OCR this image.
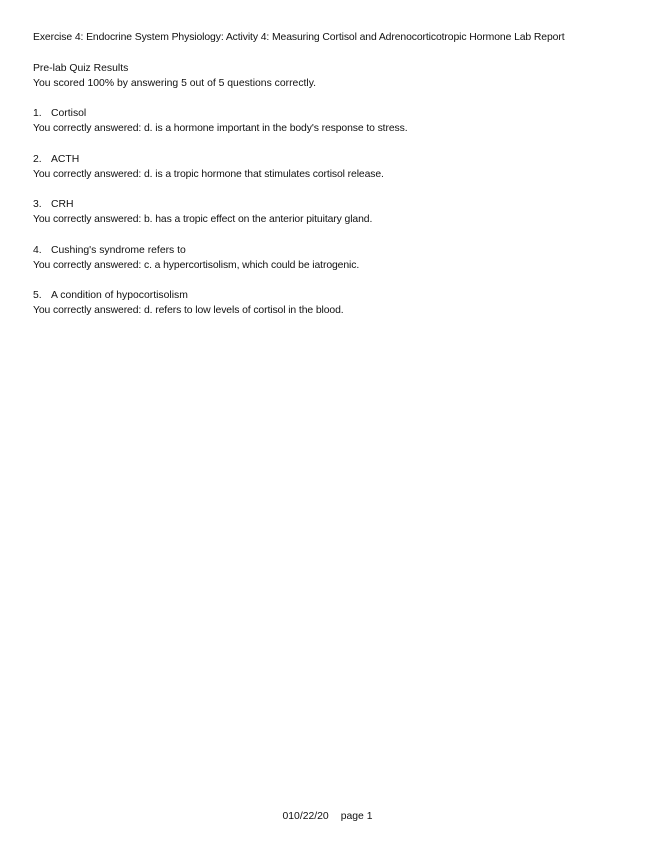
Exercise 4: Endocrine System Physiology: Activity 4: Measuring Cortisol and Adrenocorticotropic Hormone Lab Report
Pre-lab Quiz Results
You scored 100% by answering 5 out of 5 questions correctly.
1. Cortisol
You correctly answered: d. is a hormone important in the body's response to stress.
2. ACTH
You correctly answered: d. is a tropic hormone that stimulates cortisol release.
3. CRH
You correctly answered: b. has a tropic effect on the anterior pituitary gland.
4. Cushing's syndrome refers to
You correctly answered: c. a hypercortisolism, which could be iatrogenic.
5. A condition of hypocortisolism
You correctly answered: d. refers to low levels of cortisol in the blood.
010/22/20 page 1
